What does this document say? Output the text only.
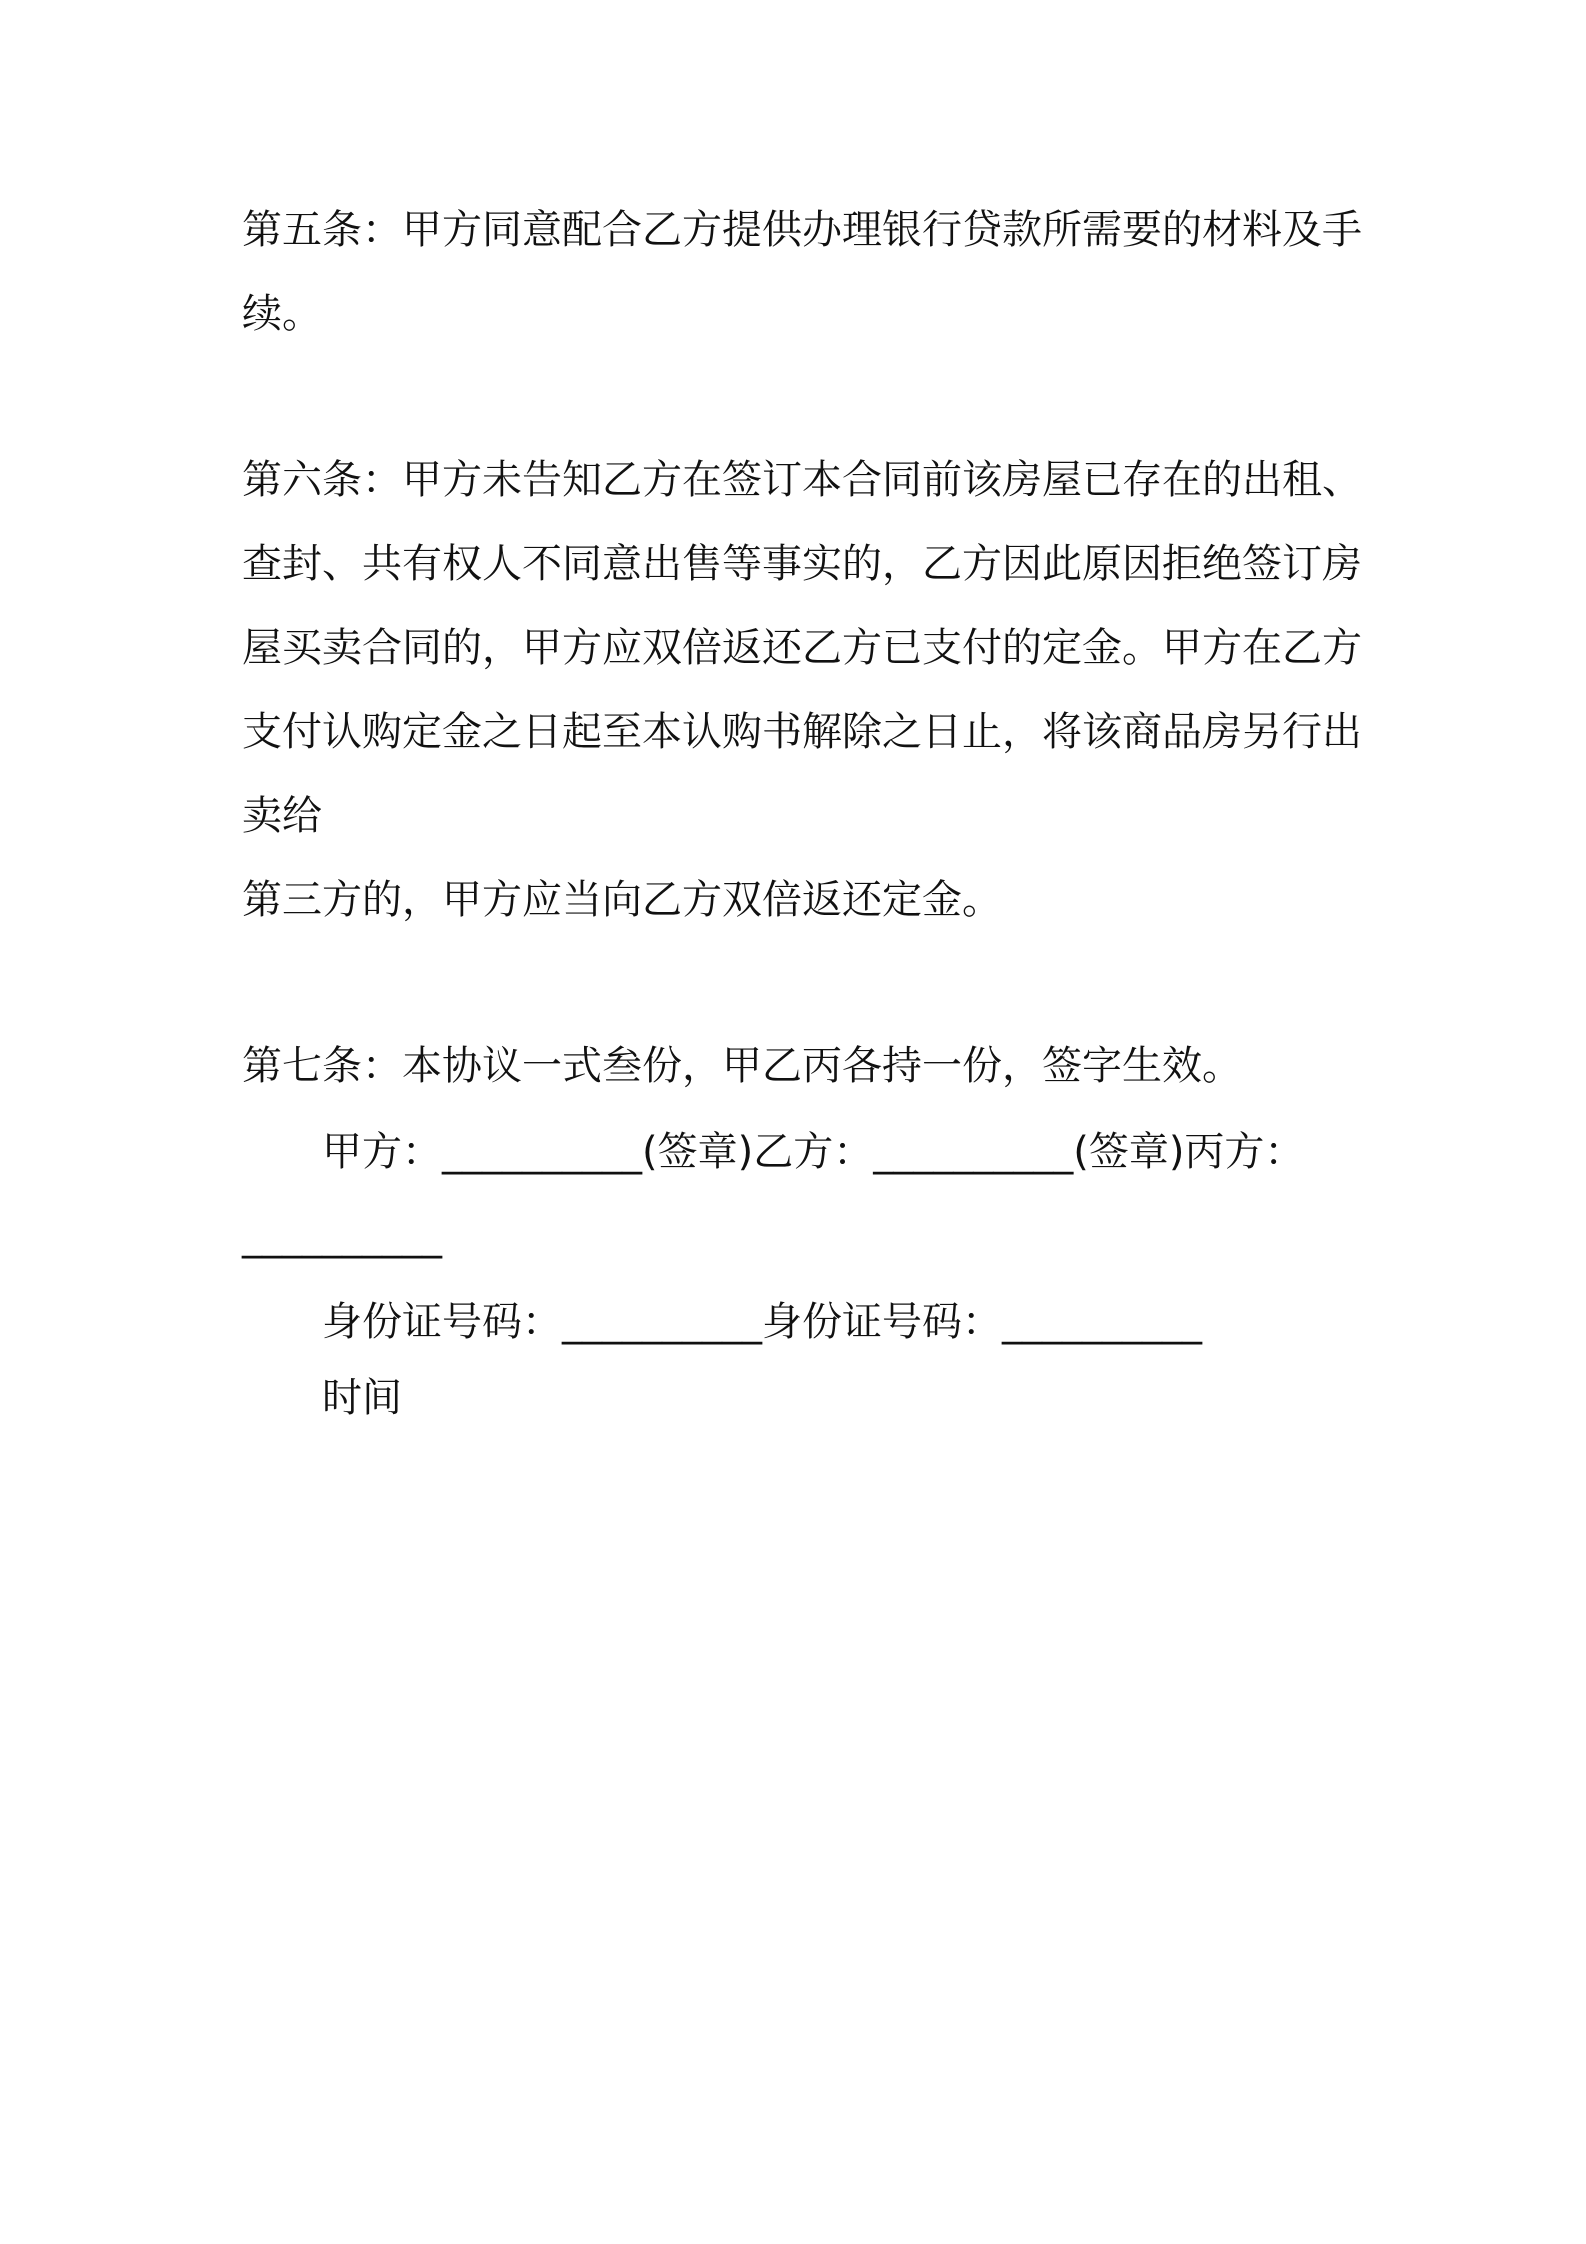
第五条：甲方同意配合乙方提供办理银行贷款所需要的材料及手
续。
第六条：甲方未告知乙方在签订本合同前该房屋已存在的出租、
查封、共有权人不同意出售等事实的，乙方因此原因拒绝签订房
屋买卖合同的，甲方应双倍返还乙方已支付的定金。甲方在乙方
支付认购定金之日起至本认购书解除之日止，将该商品房另行出
卖给
第三方的，甲方应当向乙方双倍返还定金。
第七条：本协议一式叁份，甲乙丙各持一份，签字生效。
甲方：__________(签章)乙方：__________(签章)丙方：
__________
身份证号码：__________身份证号码：__________
时间
